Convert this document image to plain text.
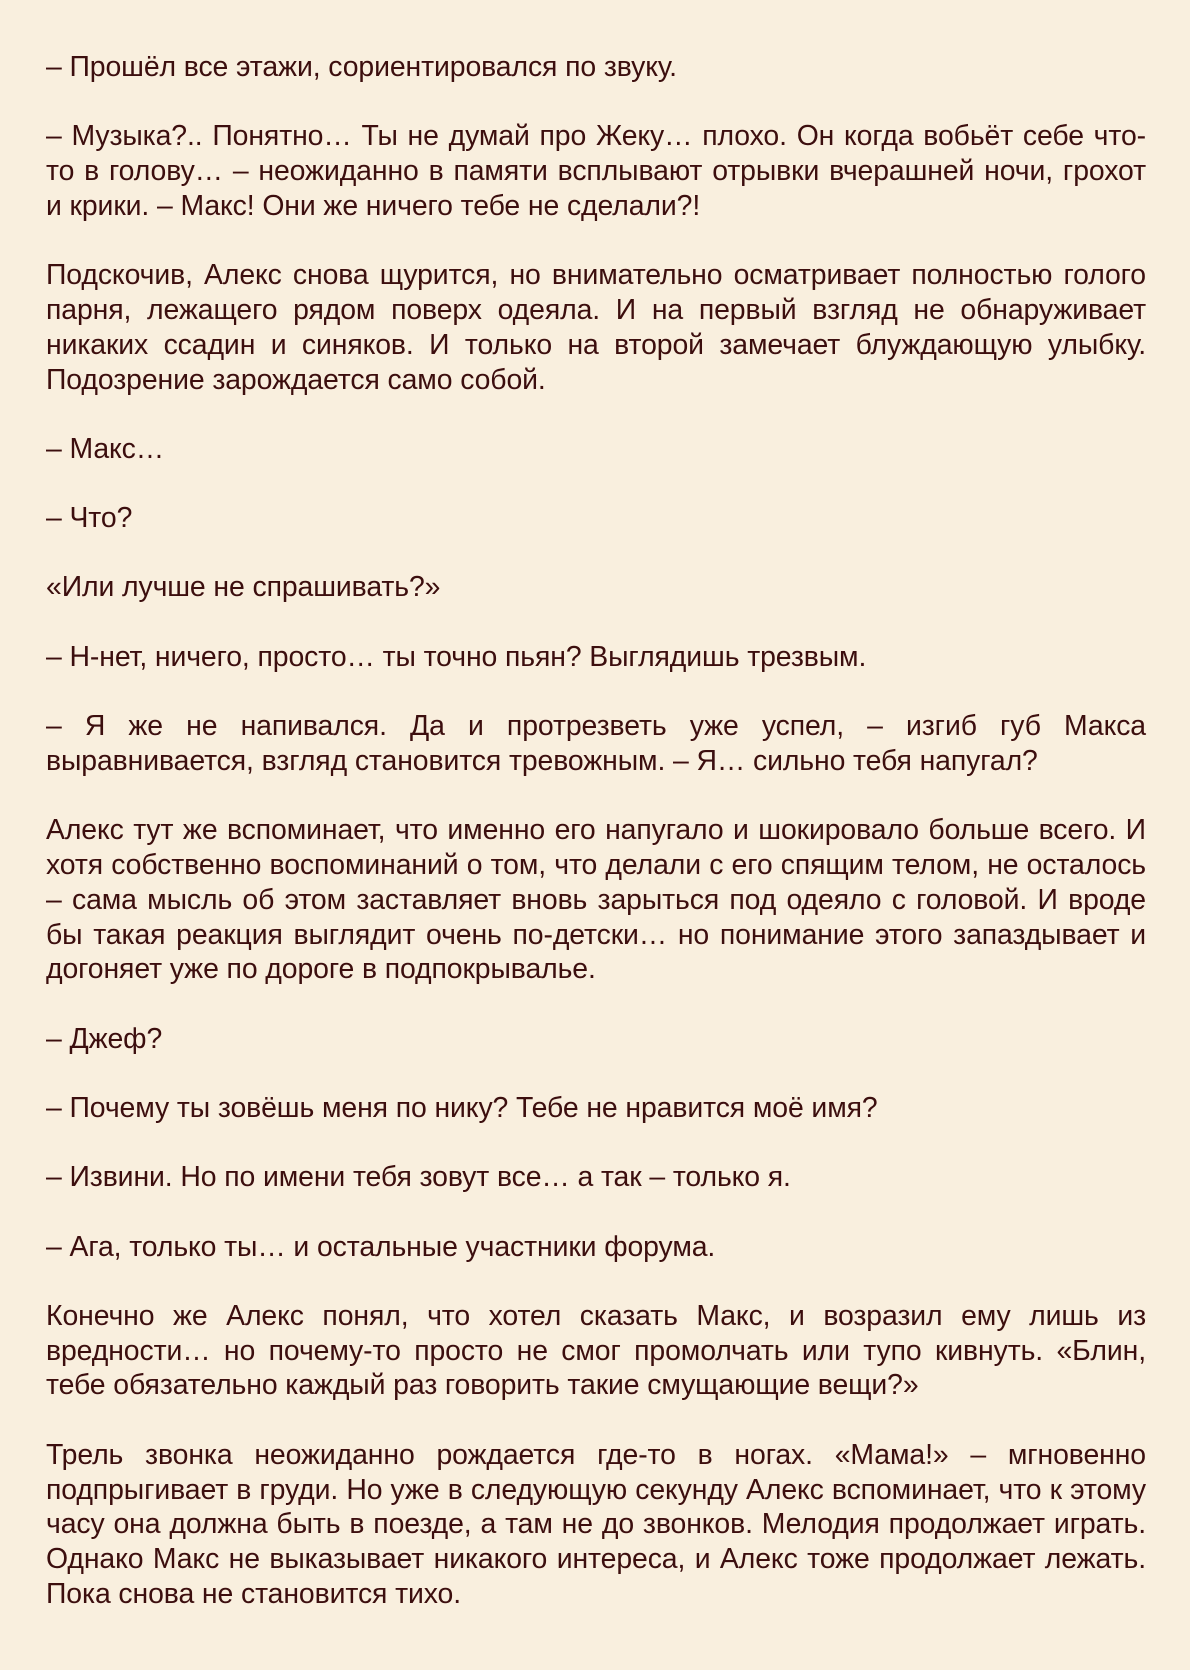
– Прошёл все этажи, сориентировался по звуку.

– Музыка?.. Понятно… Ты не думай про Жеку… плохо. Он когда вобьёт себе что-то в голову… – неожиданно в памяти всплывают отрывки вчерашней ночи, грохот и крики. – Макс! Они же ничего тебе не сделали?!

Подскочив, Алекс снова щурится, но внимательно осматривает полностью голого парня, лежащего рядом поверх одеяла. И на первый взгляд не обнаруживает никаких ссадин и синяков. И только на второй замечает блуждающую улыбку. Подозрение зарождается само собой.

– Макс…

– Что?

«Или лучше не спрашивать?»

– Н-нет, ничего, просто… ты точно пьян? Выглядишь трезвым.

– Я же не напивался. Да и протрезветь уже успел, – изгиб губ Макса выравнивается, взгляд становится тревожным. – Я… сильно тебя напугал?

Алекс тут же вспоминает, что именно его напугало и шокировало больше всего. И хотя собственно воспоминаний о том, что делали с его спящим телом, не осталось – сама мысль об этом заставляет вновь зарыться под одеяло с головой. И вроде бы такая реакция выглядит очень по-детски… но понимание этого запаздывает и догоняет уже по дороге в подпокрывалье.

– Джеф?

– Почему ты зовёшь меня по нику? Тебе не нравится моё имя?

– Извини. Но по имени тебя зовут все… а так – только я.

– Ага, только ты… и остальные участники форума.

Конечно же Алекс понял, что хотел сказать Макс, и возразил ему лишь из вредности… но почему-то просто не смог промолчать или тупо кивнуть. «Блин, тебе обязательно каждый раз говорить такие смущающие вещи?»

Трель звонка неожиданно рождается где-то в ногах. «Мама!» – мгновенно подпрыгивает в груди. Но уже в следующую секунду Алекс вспоминает, что к этому часу она должна быть в поезде, а там не до звонков. Мелодия продолжает играть. Однако Макс не выказывает никакого интереса, и Алекс тоже продолжает лежать. Пока снова не становится тихо.
